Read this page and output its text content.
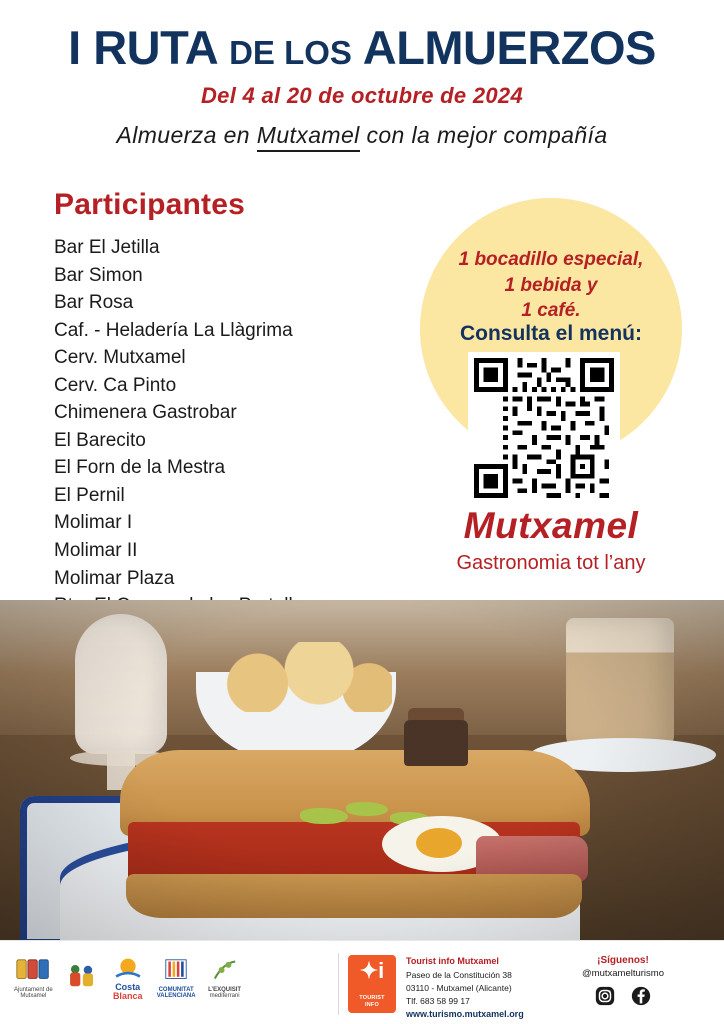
I RUTA DE LOS ALMUERZOS
Del 4 al 20 de octubre de 2024
Almuerza en Mutxamel con la mejor compañía
Participantes
Bar El Jetilla
Bar Simon
Bar Rosa
Caf. - Heladería La Llàgrima
Cerv. Mutxamel
Cerv. Ca Pinto
Chimenera Gastrobar
El Barecito
El Forn de la Mestra
El Pernil
Molimar I
Molimar II
Molimar Plaza
1 bocadillo especial,
1 bebida y
1 café.
Consulta el menú:
Mutxamel
Gastronomia tot l’any
Ajuntament de
Mutxamel
Costa
Blanca
COMUNITAT
VALENCIANA
L’EXQUISIT
mediterrani
✦i
TOURIST
INFO
Tourist info Mutxamel
Paseo de la Constitución 38
03110 - Mutxamel (Alicante)
Tlf. 683 58 99 17
www.turismo.mutxamel.org
¡Síguenos!
@mutxamelturismo
